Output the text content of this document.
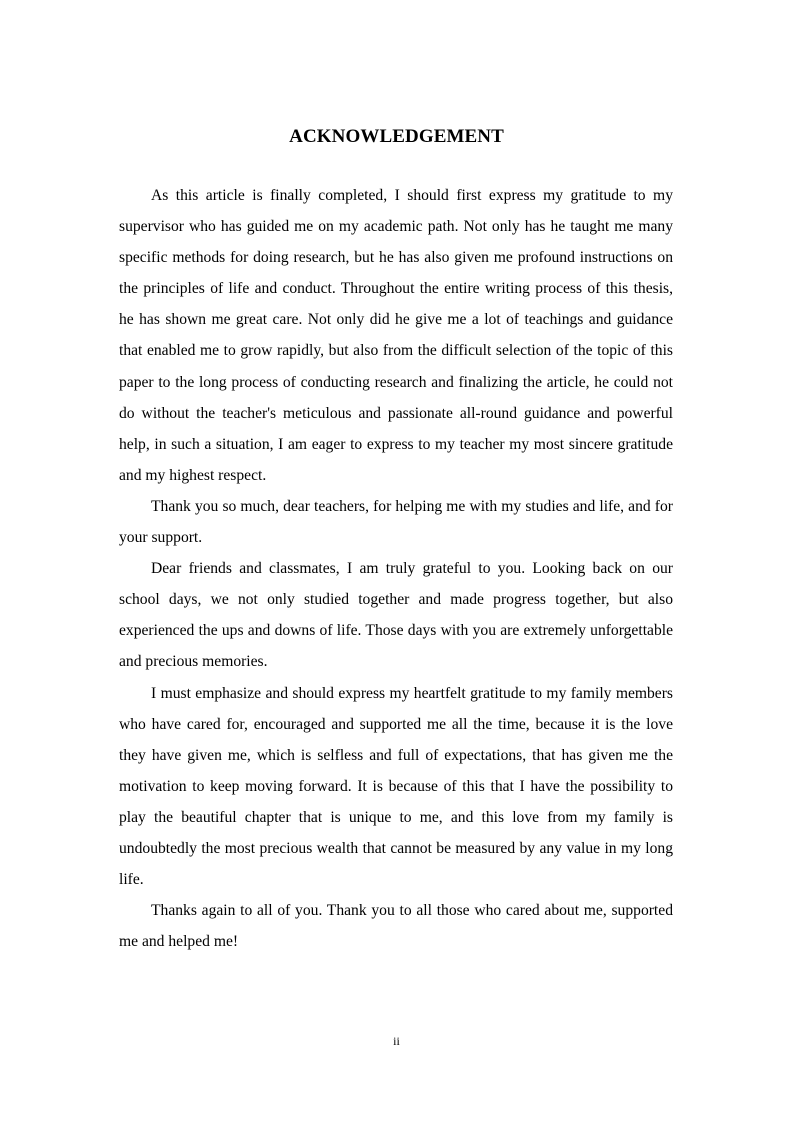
ACKNOWLEDGEMENT

As this article is finally completed, I should first express my gratitude to my supervisor who has guided me on my academic path. Not only has he taught me many specific methods for doing research, but he has also given me profound instructions on the principles of life and conduct. Throughout the entire writing process of this thesis, he has shown me great care. Not only did he give me a lot of teachings and guidance that enabled me to grow rapidly, but also from the difficult selection of the topic of this paper to the long process of conducting research and finalizing the article, he could not do without the teacher's meticulous and passionate all-round guidance and powerful help, in such a situation, I am eager to express to my teacher my most sincere gratitude and my highest respect.

Thank you so much, dear teachers, for helping me with my studies and life, and for your support.

Dear friends and classmates, I am truly grateful to you. Looking back on our school days, we not only studied together and made progress together, but also experienced the ups and downs of life. Those days with you are extremely unforgettable and precious memories.

I must emphasize and should express my heartfelt gratitude to my family members who have cared for, encouraged and supported me all the time, because it is the love they have given me, which is selfless and full of expectations, that has given me the motivation to keep moving forward. It is because of this that I have the possibility to play the beautiful chapter that is unique to me, and this love from my family is undoubtedly the most precious wealth that cannot be measured by any value in my long life.

Thanks again to all of you. Thank you to all those who cared about me, supported me and helped me!

ii
